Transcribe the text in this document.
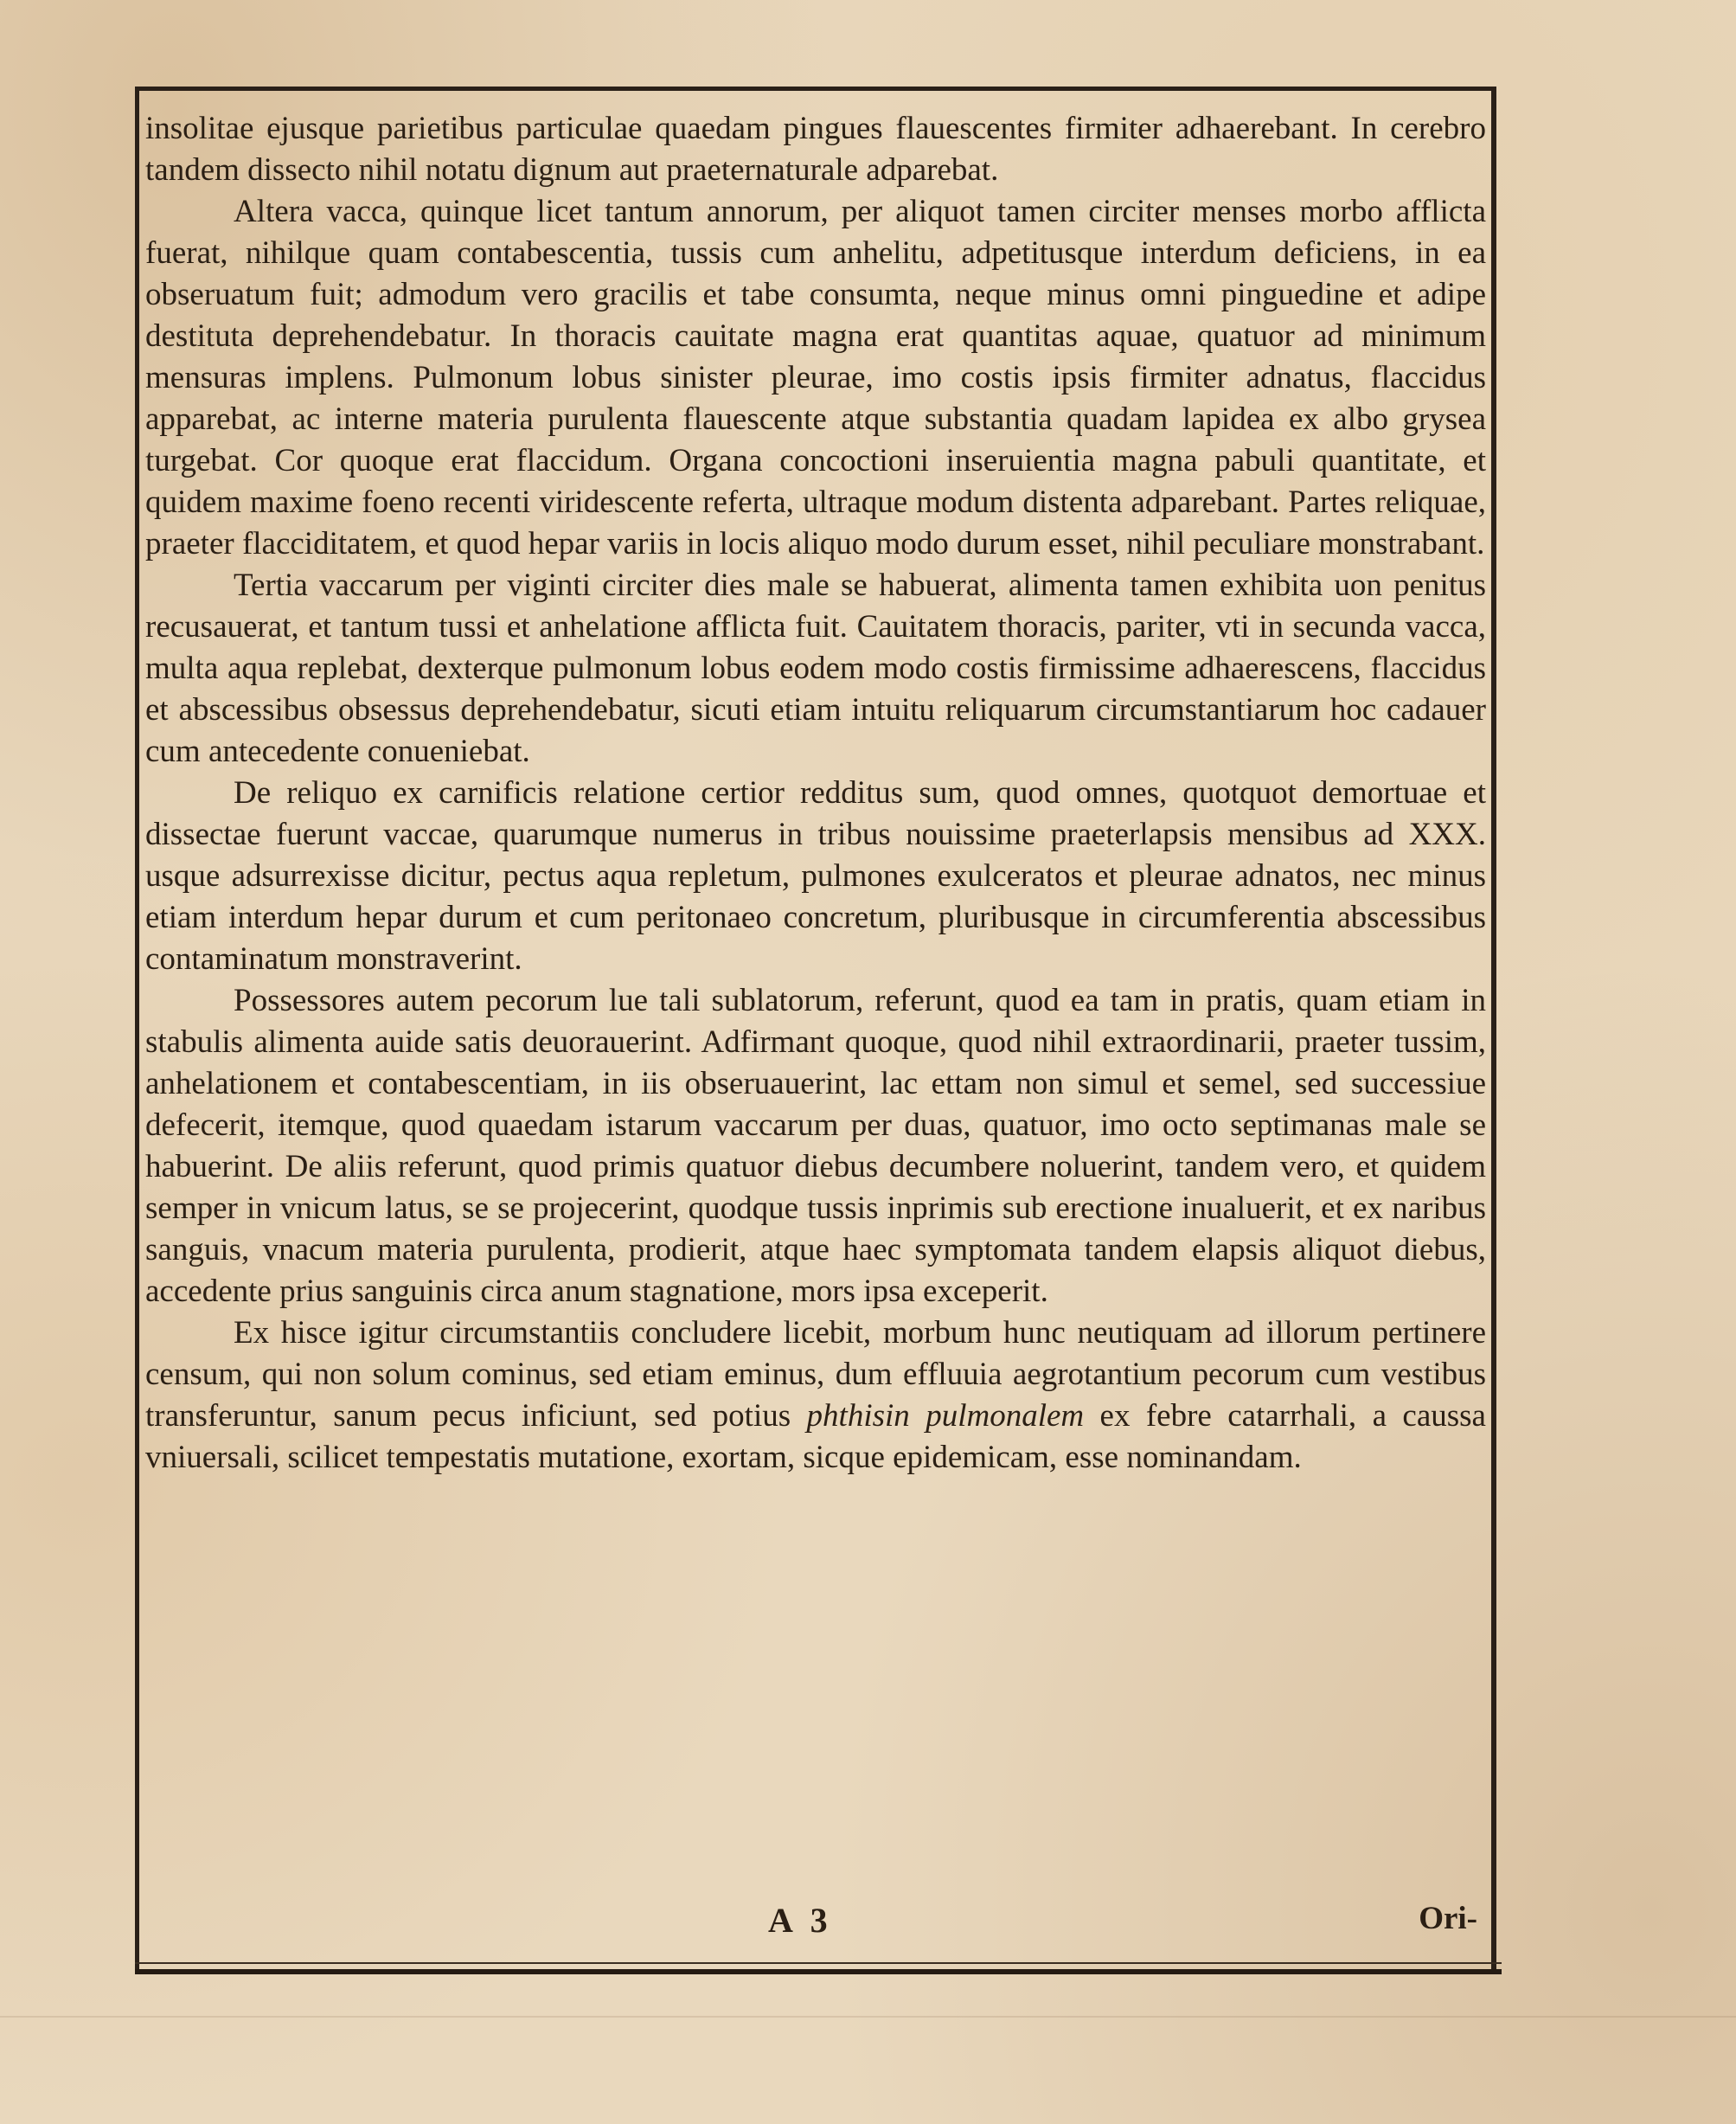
insolitae ejusque parietibus particulae quaedam pingues flauescentes firmiter adhaerebant. In cerebro tandem dissecto nihil notatu dignum aut praeternaturale adparebat.

Altera vacca, quinque licet tantum annorum, per aliquot tamen circiter menses morbo afflicta fuerat, nihilque quam contabescentia, tussis cum anhelitu, adpetitusque interdum deficiens, in ea obseruatum fuit; admodum vero gracilis et tabe consumta, neque minus omni pinguedine et adipe destituta deprehendebatur. In thoracis cauitate magna erat quantitas aquae, quatuor ad minimum mensuras implens. Pulmonum lobus sinister pleurae, imo costis ipsis firmiter adnatus, flaccidus apparebat, ac interne materia purulenta flauescente atque substantia quadam lapidea ex albo grysea turgebat. Cor quoque erat flaccidum. Organa concoctioni inseruientia magna pabuli quantitate, et quidem maxime foeno recenti viridescente referta, ultraque modum distenta adparebant. Partes reliquae, praeter flacciditatem, et quod hepar variis in locis aliquo modo durum esset, nihil peculiare monstrabant.

Tertia vaccarum per viginti circiter dies male se habuerat, alimenta tamen exhibita uon penitus recusauerat, et tantum tussi et anhelatione afflicta fuit. Cauitatem thoracis, pariter, vti in secunda vacca, multa aqua replebat, dexterque pulmonum lobus eodem modo costis firmissime adhaerescens, flaccidus et abscessibus obsessus deprehendebatur, sicuti etiam intuitu reliquarum circumstantiarum hoc cadauer cum antecedente conueniebat.

De reliquo ex carnificis relatione certior redditus sum, quod omnes, quotquot demortuae et dissectae fuerunt vaccae, quarumque numerus in tribus nouissime praeterlapsis mensibus ad XXX. usque adsurrexisse dicitur, pectus aqua repletum, pulmones exulceratos et pleurae adnatos, nec minus etiam interdum hepar durum et cum peritonaeo concretum, pluribusque in circumferentia abscessibus contaminatum monstraverint.

Possessores autem pecorum lue tali sublatorum, referunt, quod ea tam in pratis, quam etiam in stabulis alimenta auide satis deuorauerint. Adfirmant quoque, quod nihil extraordinarii, praeter tussim, anhelationem et contabescentiam, in iis obseruauerint, lac ettam non simul et semel, sed successiue defecerit, itemque, quod quaedam istarum vaccarum per duas, quatuor, imo octo septimanas male se habuerint. De aliis referunt, quod primis quatuor diebus decumbere noluerint, tandem vero, et quidem semper in vnicum latus, se se projecerint, quodque tussis inprimis sub erectione inualuerit, et ex naribus sanguis, vnacum materia purulenta, prodierit, atque haec symptomata tandem elapsis aliquot diebus, accedente prius sanguinis circa anum stagnatione, mors ipsa exceperit.

Ex hisce igitur circumstantiis concludere licebit, morbum hunc neutiquam ad illorum pertinere censum, qui non solum cominus, sed etiam eminus, dum effluuia aegrotantium pecorum cum vestibus transferuntur, sanum pecus inficiunt, sed potius phthisin pulmonalem ex febre catarrhali, a caussa vniuersali, scilicet tempestatis mutatione, exortam, sicque epidemicam, esse nominandam.

A 3	Ori-
